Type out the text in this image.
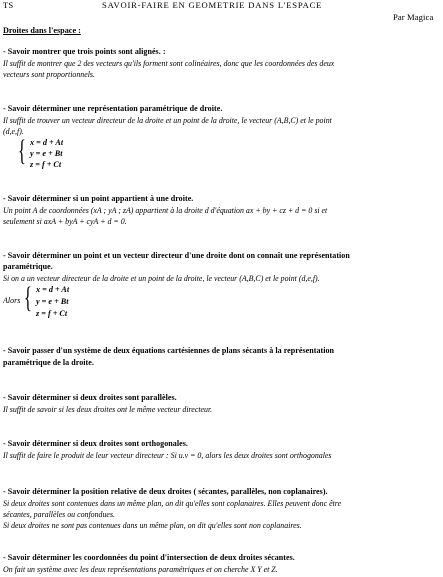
TS	SAVOIR-FAIRE EN GEOMETRIE DANS L'ESPACE
Par Magica
Droites dans l'espace :
- Savoir montrer que trois points sont alignés. :
Il suffit de montrer que 2 des vecteurs qu'ils forment sont colinéaires, donc que les coordonnées des deux
vecteurs sont proportionnels.
- Savoir déterminer une représentation paramétrique de droite.
Il suffit de trouver un vecteur directeur de la droite et un point de la droite, le vecteur (A,B,C) et le point
(d,e,f).
{ x = d + At
y = e + Bt
z = f + Ct
- Savoir déterminer si un point appartient à une droite.
Un point A de coordonnées (xA ; yA ; zA) appartient à la droite d d'équation ax + by + cz + d = 0 si et
seulement si axA + byA + cyA + d = 0.
- Savoir déterminer un point et un vecteur directeur d'une droite dont on connaît une représentation
paramétrique.
Si on a un vecteur directeur de la droite et un point de la droite, le vecteur (A,B,C) et le point (d,e,f).
Alors { x = d + At
y = e + Bt
z = f + Ct
- Savoir passer d'un système de deux équations cartésiennes de plans sécants à la représentation
paramétrique de la droite.
- Savoir déterminer si deux droites sont parallèles.
Il suffit de savoir si les deux droites ont le même vecteur directeur.
- Savoir déterminer si deux droites sont orthogonales.
Il suffit de faire le produit de leur vecteur directeur : Si u.v = 0, alors les deux droites sont orthogonales
- Savoir déterminer la position relative de deux droites ( sécantes, parallèles, non coplanaires).
Si deux droites sont contenues dans un même plan, on dit qu'elles sont coplanaires. Elles peuvent donc être
sécantes, parallèles ou confondues.
Si deux droites ne sont pas contenues dans un même plan, on dit qu'elles sont non coplanaires.
- Savoir déterminer les coordonnées du point d'intersection de deux droites sécantes.
On fait un système avec les deux représentations paramétriques et on cherche X Y et Z.
